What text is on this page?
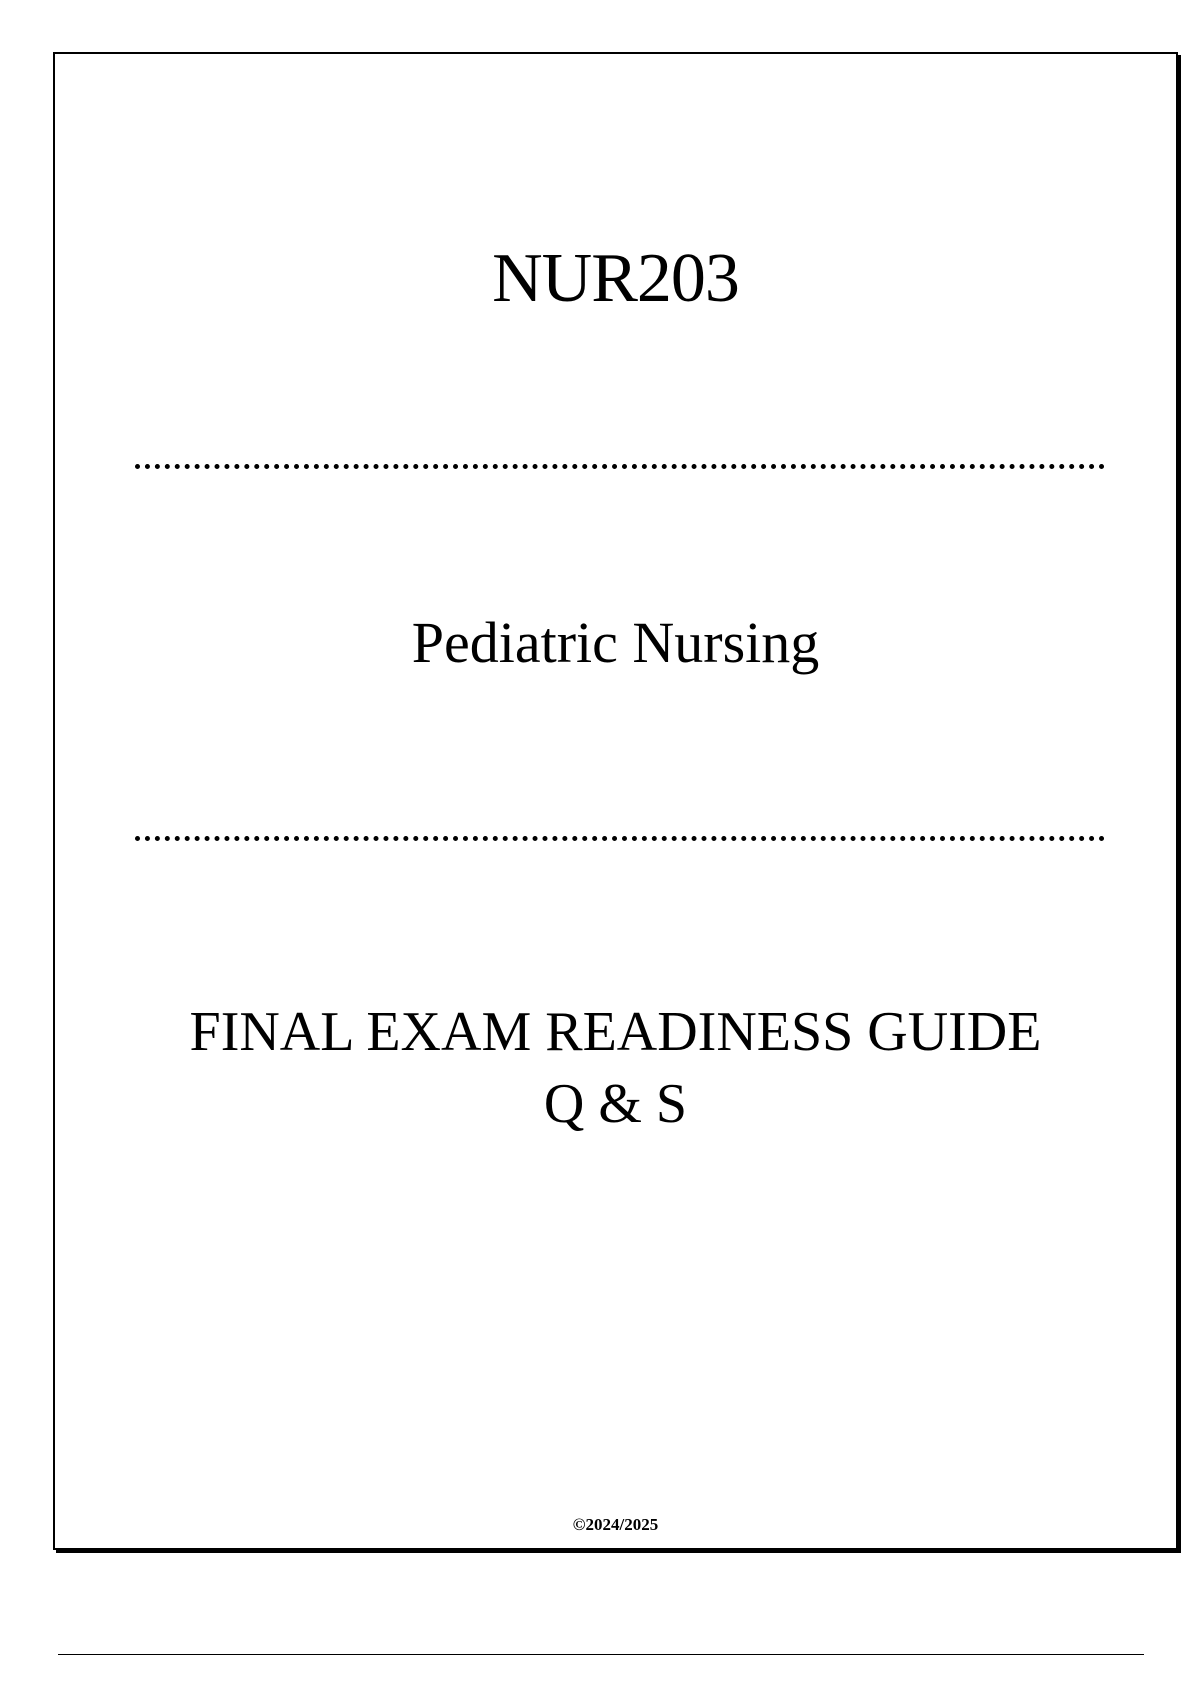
NUR203
Pediatric Nursing
FINAL EXAM READINESS GUIDE
Q & S
©2024/2025
